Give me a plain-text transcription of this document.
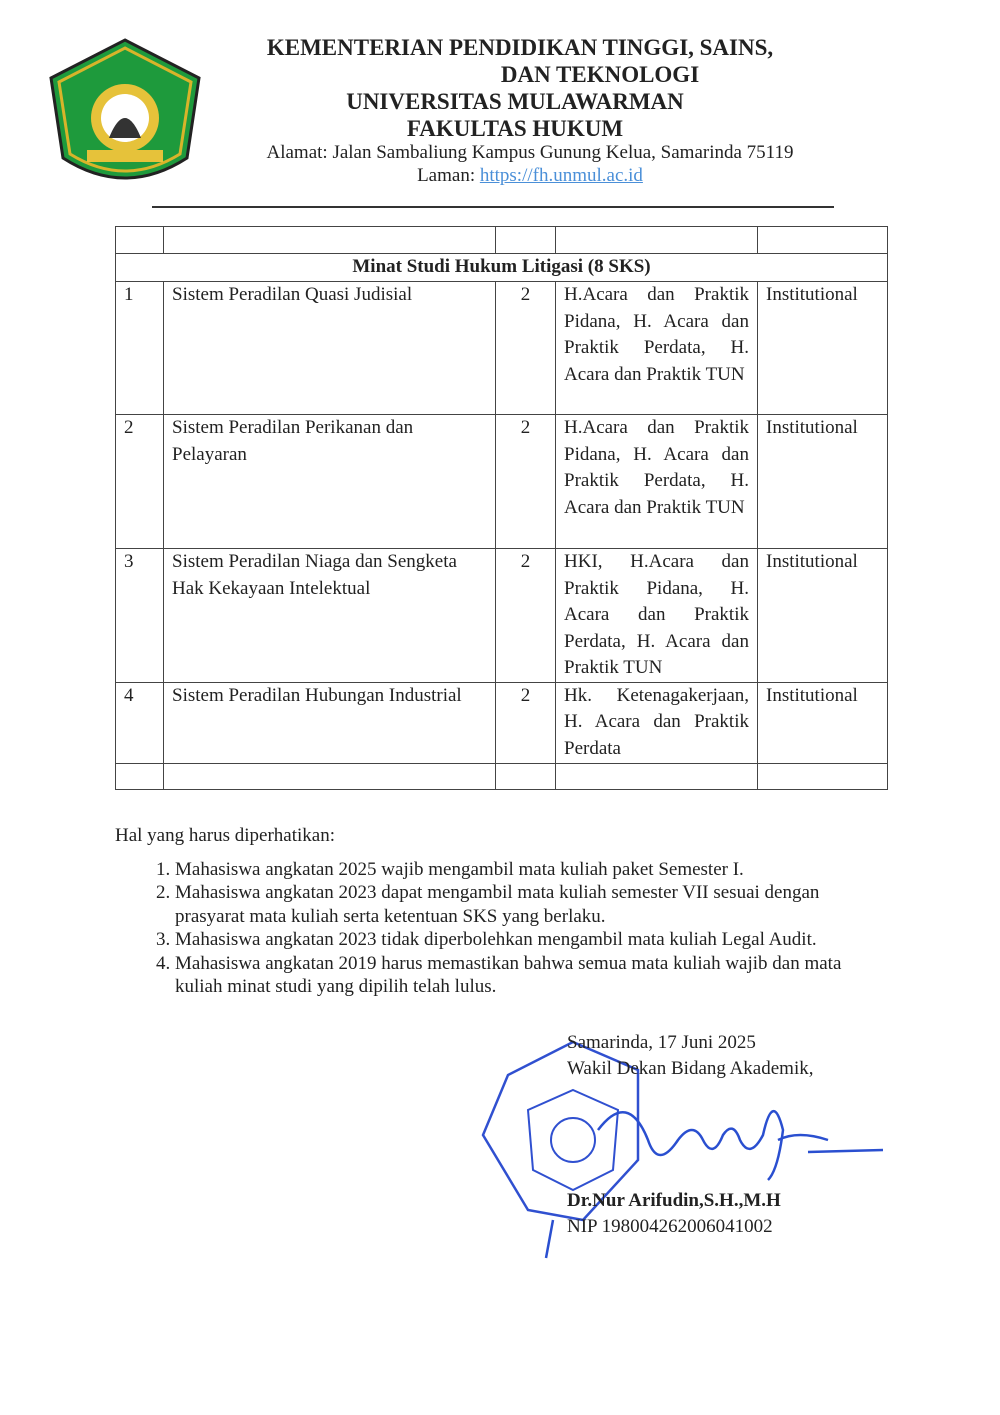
KEMENTERIAN PENDIDIKAN TINGGI, SAINS,
DAN TEKNOLOGI
UNIVERSITAS MULAWARMAN
FAKULTAS HUKUM
Alamat: Jalan Sambaliung Kampus Gunung Kelua, Samarinda 75119
Laman: https://fh.unmul.ac.id

Minat Studi Hukum Litigasi (8 SKS)				
1	Sistem Peradilan Quasi Judisial	2	H.Acara dan Praktik Pidana, H. Acara dan Praktik Perdata, H. Acara dan Praktik TUN	Institutional
2	Sistem Peradilan Perikanan dan Pelayaran	2	H.Acara dan Praktik Pidana, H. Acara dan Praktik Perdata, H. Acara dan Praktik TUN	Institutional
3	Sistem Peradilan Niaga dan Sengketa Hak Kekayaan Intelektual	2	HKI, H.Acara dan Praktik Pidana, H. Acara dan Praktik Perdata, H. Acara dan Praktik TUN	Institutional
4	Sistem Peradilan Hubungan Industrial	2	Hk. Ketenagakerjaan, H. Acara dan Praktik Perdata	Institutional

Hal yang harus diperhatikan:
1. Mahasiswa angkatan 2025 wajib mengambil mata kuliah paket Semester I.
2. Mahasiswa angkatan 2023 dapat mengambil mata kuliah semester VII sesuai dengan prasyarat mata kuliah serta ketentuan SKS yang berlaku.
3. Mahasiswa angkatan 2023 tidak diperbolehkan mengambil mata kuliah Legal Audit.
4. Mahasiswa angkatan 2019 harus memastikan bahwa semua mata kuliah wajib dan mata kuliah minat studi yang dipilih telah lulus.
Samarinda, 17 Juni 2025
Wakil Dekan Bidang Akademik,
Dr.Nur Arifudin,S.H.,M.H
NIP 198004262006041002
